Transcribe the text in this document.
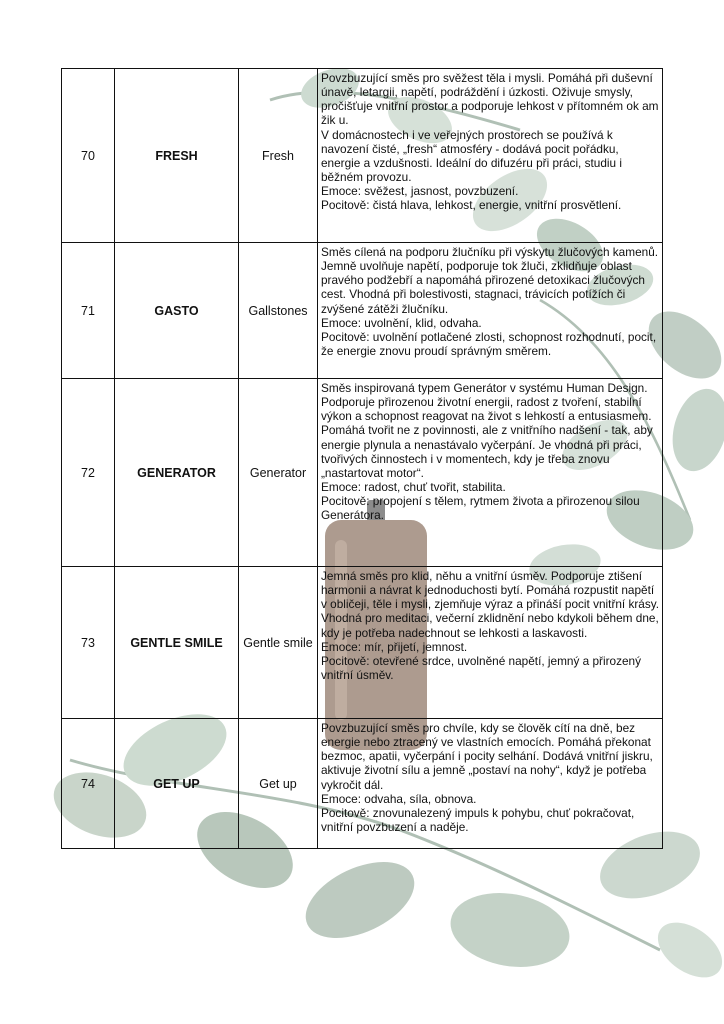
70	FRESH	Fresh	Povzbuzující směs pro svěžest těla i mysli. Pomáhá při duševní únavě, letargii, napětí, podráždění i úzkosti. Oživuje smysly, pročišťuje vnitřní prostor a podporuje lehkost v přítomném ok am žik u.
V domácnostech i ve veřejných prostorech se používá k navození čisté, „fresh“ atmosféry - dodává pocit pořádku, energie a vzdušnosti. Ideální do difuzéru při práci, studiu i běžném provozu.
Emoce: svěžest, jasnost, povzbuzení.
Pocitově: čistá hlava, lehkost, energie, vnitřní prosvětlení.

71	GASTO	Gallstones	Směs cílená na podporu žlučníku při výskytu žlučových kamenů. Jemně uvolňuje napětí, podporuje tok žluči, zklidňuje oblast pravého podžebří a napomáhá přirozené detoxikaci žlučových cest. Vhodná při bolestivosti, stagnaci, trávicích potížích či zvýšené zátěži žlučníku.
Emoce: uvolnění, klid, odvaha.
Pocitově: uvolnění potlačené zlosti, schopnost rozhodnutí, pocit, že energie znovu proudí správným směrem.

72	GENERATOR	Generator	Směs inspirovaná typem Generátor v systému Human Design. Podporuje přirozenou životní energii, radost z tvoření, stabilní výkon a schopnost reagovat na život s lehkostí a entusiasmem. Pomáhá tvořit ne z povinnosti, ale z vnitřního nadšení - tak, aby energie plynula a nenastávalo vyčerpání. Je vhodná při práci, tvořivých činnostech i v momentech, kdy je třeba znovu „nastartovat motor“.
Emoce: radost, chuť tvořit, stabilita.
Pocitově: propojení s tělem, rytmem života a přirozenou silou Generátora.

73	GENTLE SMILE	Gentle smile	Jemná směs pro klid, něhu a vnitřní úsměv. Podporuje ztišení harmonii a návrat k jednoduchosti bytí. Pomáhá rozpustit napětí v obličeji, těle i mysli, zjemňuje výraz a přináší pocit vnitřní krásy. Vhodná pro meditaci, večerní zklidnění nebo kdykoli během dne, kdy je potřeba nadechnout se lehkosti a laskavosti.
Emoce: mír, přijetí, jemnost.
Pocitově: otevřené srdce, uvolněné napětí, jemný a přirozený vnitřní úsměv.

74	GET UP	Get up	Povzbuzující směs pro chvíle, kdy se člověk cítí na dně, bez energie nebo ztracený ve vlastních emocích. Pomáhá překonat bezmoc, apatii, vyčerpání i pocity selhání. Dodává vnitřní jiskru, aktivuje životní sílu a jemně „postaví na nohy“, když je potřeba vykročit dál.
Emoce: odvaha, síla, obnova.
Pocitově: znovunalezený impuls k pohybu, chuť pokračovat, vnitřní povzbuzení a naděje.
